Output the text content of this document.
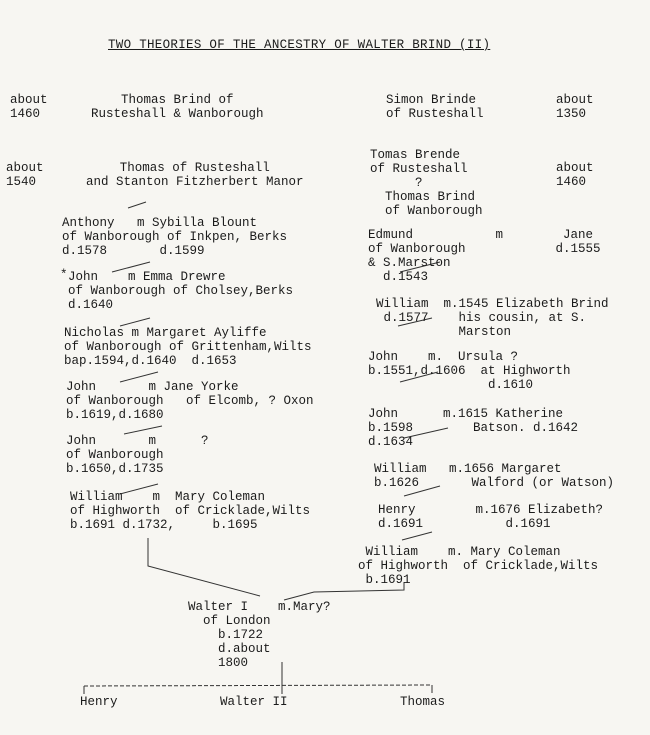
TWO THEORIES OF THE ANCESTRY OF WALTER BRIND (II)
about
1460
Thomas Brind of
Rusteshall & Wanborough
about
1540
Thomas of Rusteshall
and Stanton Fitzherbert Manor
Anthony   m Sybilla Blount
of Wanborough of Inkpen, Berks
d.1578       d.1599
* John    m Emma Drewre
of Wanborough of Cholsey,Berks
d.1640
Nicholas m Margaret Ayliffe
of Wanborough of Grittenham,Wilts
bap.1594,d.1640  d.1653
John       m Jane Yorke
of Wanborough   of Elcomb, ? Oxon
b.1619,d.1680
John       m      ?
of Wanborough
b.1650,d.1735
William    m  Mary Coleman
of Highworth  of Cricklade,Wilts
b.1691 d.1732,     b.1695
Simon Brinde
of Rusteshall
about
1350
Tomas Brende
of Rusteshall
?
Thomas Brind
of Wanborough
about
1460
Edmund           m        Jane
of Wanborough            d.1555
& S.Marston
d.1543
William  m.1545 Elizabeth Brind
d.1577    his cousin, at S.
Marston
John    m.  Ursula ?
b.1551,d.1606  at Highworth
d.1610
John      m.1615 Katherine
b.1598        Batson. d.1642
d.1634
William   m.1656 Margaret
b.1626       Walford (or Watson)
Henry        m.1676 Elizabeth?
d.1691           d.1691
William    m. Mary Coleman
of Highworth  of Cricklade,Wilts
b.1691
Walter I    m.Mary?
of London
b.1722
d.about
1800
Henry	Walter II	Thomas
